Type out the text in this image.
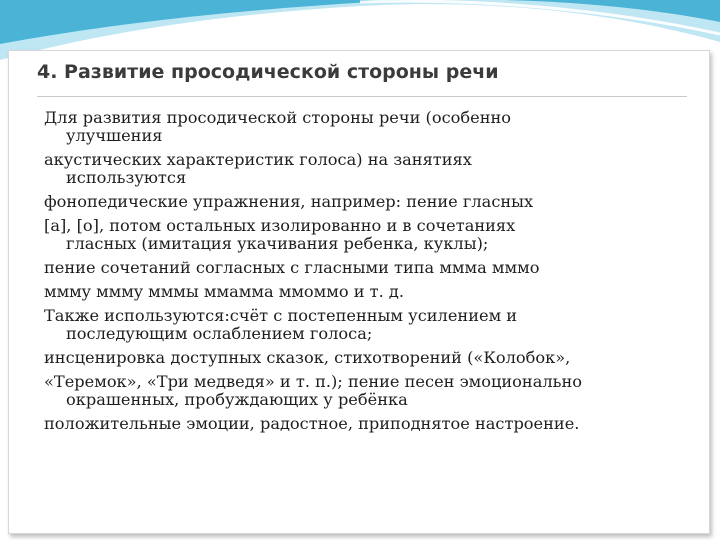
4. Развитие просодической стороны речи

Для развития просодической стороны речи (особенно
улучшения

акустических характеристик голоса) на занятиях
используются

фонопедические упражнения, например: пение гласных

[а], [о], потом остальных изолированно и в сочетаниях
гласных (имитация укачивания ребенка, куклы);

пение сочетаний согласных с гласными типа ммма мммо

мммy мммy мммы ммамма ммоммо и т. д.

Также используются:счёт с постепенным усилением и
последующим ослаблением голоса;

инсценировка доступных сказок, стихотворений («Колобок»,

«Теремок», «Три медведя» и т. п.); пение песен эмоционально
окрашенных, пробуждающих у ребёнка

положительные эмоции, радостное, приподнятое настроение.
